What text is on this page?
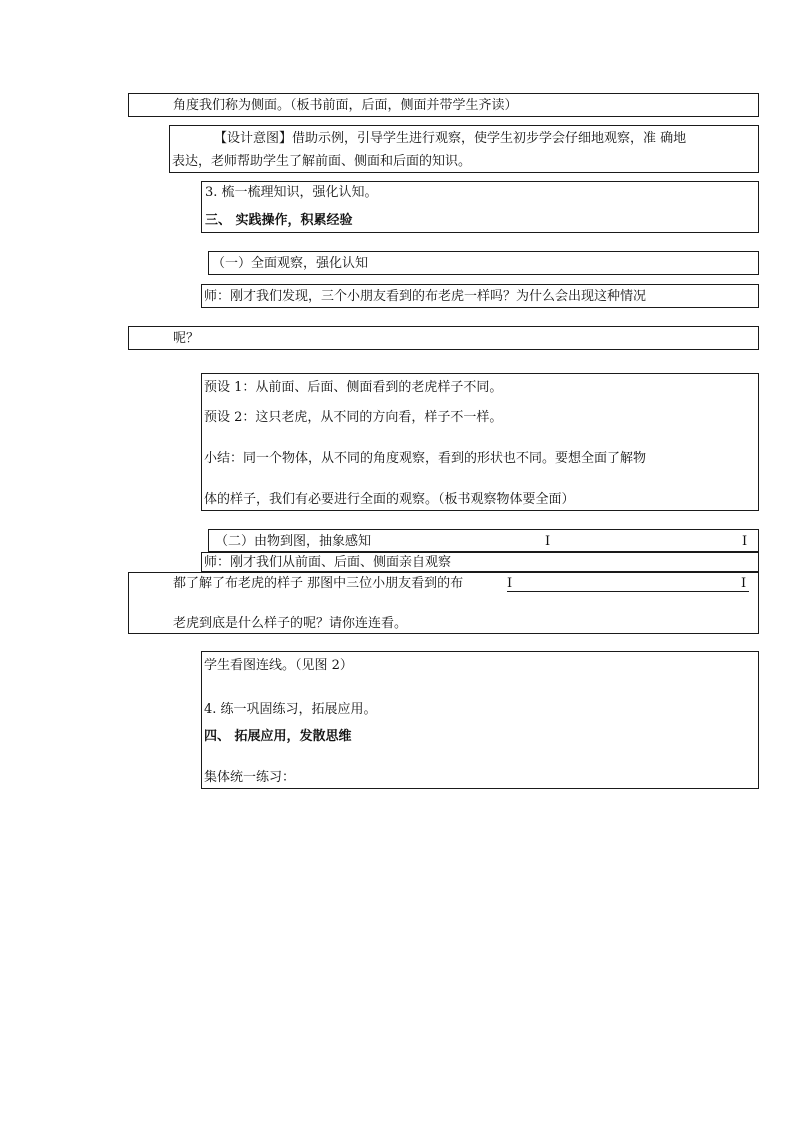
角度我们称为侧面。（板书前面，后面，侧面并带学生齐读）
【设计意图】借助示例，引导学生进行观察，使学生初步学会仔细地观察，准 确地
表达，老师帮助学生了解前面、侧面和后面的知识。
3. 梳一梳理知识，强化认知。
三、 实践操作，积累经验
（一）全面观察，强化认知
师：刚才我们发现，三个小朋友看到的布老虎一样吗？为什么会出现这种情况
呢？
预设 1：从前面、后面、侧面看到的老虎样子不同。
预设 2：这只老虎，从不同的方向看，样子不一样。
小结：同一个物体，从不同的角度观察，看到的形状也不同。要想全面了解物
体的样子，我们有必要进行全面的观察。（板书观察物体要全面）
（二）由物到图，抽象感知	I	I
师：刚才我们从前面、后面、侧面亲自观察
都了解了布老虎的样子 那图中三位小朋友看到的布	I	I
老虎到底是什么样子的呢？请你连连看。
学生看图连线。（见图 2）
4. 练一巩固练习，拓展应用。
四、 拓展应用，发散思维
集体统一练习：
